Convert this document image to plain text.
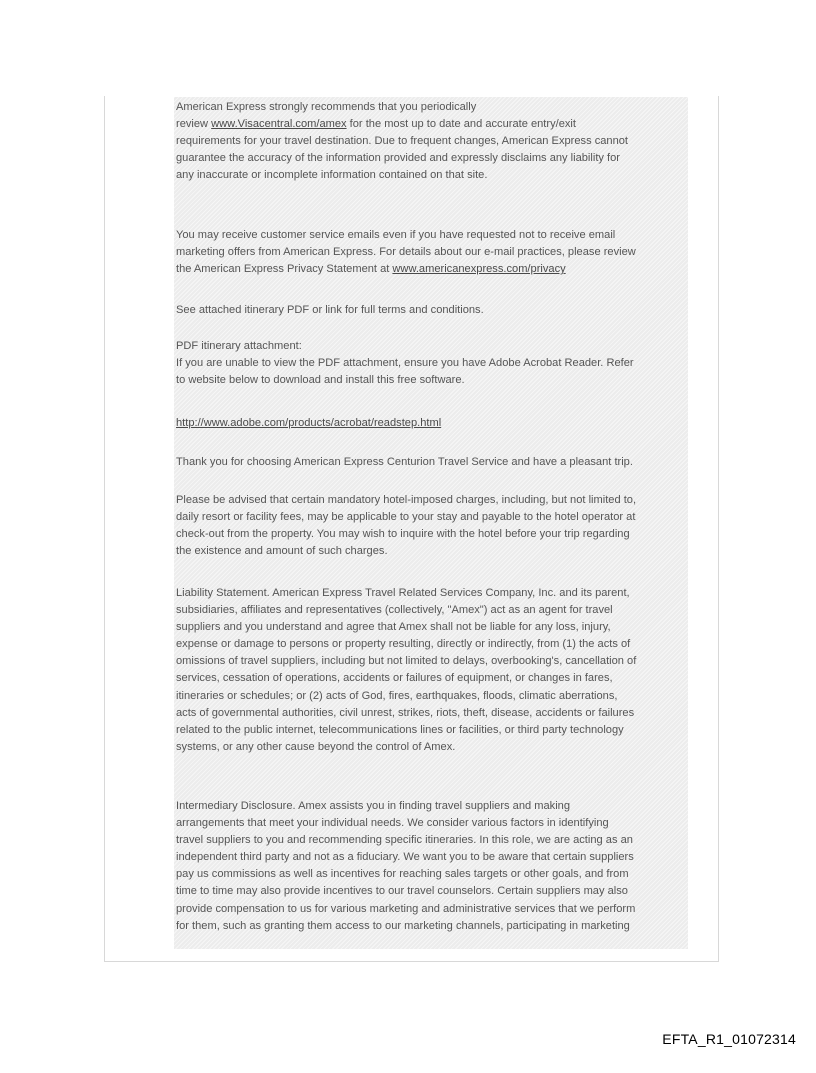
American Express strongly recommends that you periodically
review www.Visacentral.com/amex for the most up to date and accurate entry/exit
requirements for your travel destination. Due to frequent changes, American Express cannot
guarantee the accuracy of the information provided and expressly disclaims any liability for
any inaccurate or incomplete information contained on that site.

You may receive customer service emails even if you have requested not to receive email
marketing offers from American Express. For details about our e-mail practices, please review
the American Express Privacy Statement at www.americanexpress.com/privacy

See attached itinerary PDF or link for full terms and conditions.

PDF itinerary attachment:
If you are unable to view the PDF attachment, ensure you have Adobe Acrobat Reader. Refer
to website below to download and install this free software.

http://www.adobe.com/products/acrobat/readstep.html

Thank you for choosing American Express Centurion Travel Service and have a pleasant trip.

Please be advised that certain mandatory hotel-imposed charges, including, but not limited to,
daily resort or facility fees, may be applicable to your stay and payable to the hotel operator at
check-out from the property. You may wish to inquire with the hotel before your trip regarding
the existence and amount of such charges.

Liability Statement. American Express Travel Related Services Company, Inc. and its parent,
subsidiaries, affiliates and representatives (collectively, "Amex") act as an agent for travel
suppliers and you understand and agree that Amex shall not be liable for any loss, injury,
expense or damage to persons or property resulting, directly or indirectly, from (1) the acts of
omissions of travel suppliers, including but not limited to delays, overbooking's, cancellation of
services, cessation of operations, accidents or failures of equipment, or changes in fares,
itineraries or schedules; or (2) acts of God, fires, earthquakes, floods, climatic aberrations,
acts of governmental authorities, civil unrest, strikes, riots, theft, disease, accidents or failures
related to the public internet, telecommunications lines or facilities, or third party technology
systems, or any other cause beyond the control of Amex.

Intermediary Disclosure. Amex assists you in finding travel suppliers and making
arrangements that meet your individual needs. We consider various factors in identifying
travel suppliers to you and recommending specific itineraries. In this role, we are acting as an
independent third party and not as a fiduciary. We want you to be aware that certain suppliers
pay us commissions as well as incentives for reaching sales targets or other goals, and from
time to time may also provide incentives to our travel counselors. Certain suppliers may also
provide compensation to us for various marketing and administrative services that we perform
for them, such as granting them access to our marketing channels, participating in marketing

EFTA_R1_01072314
